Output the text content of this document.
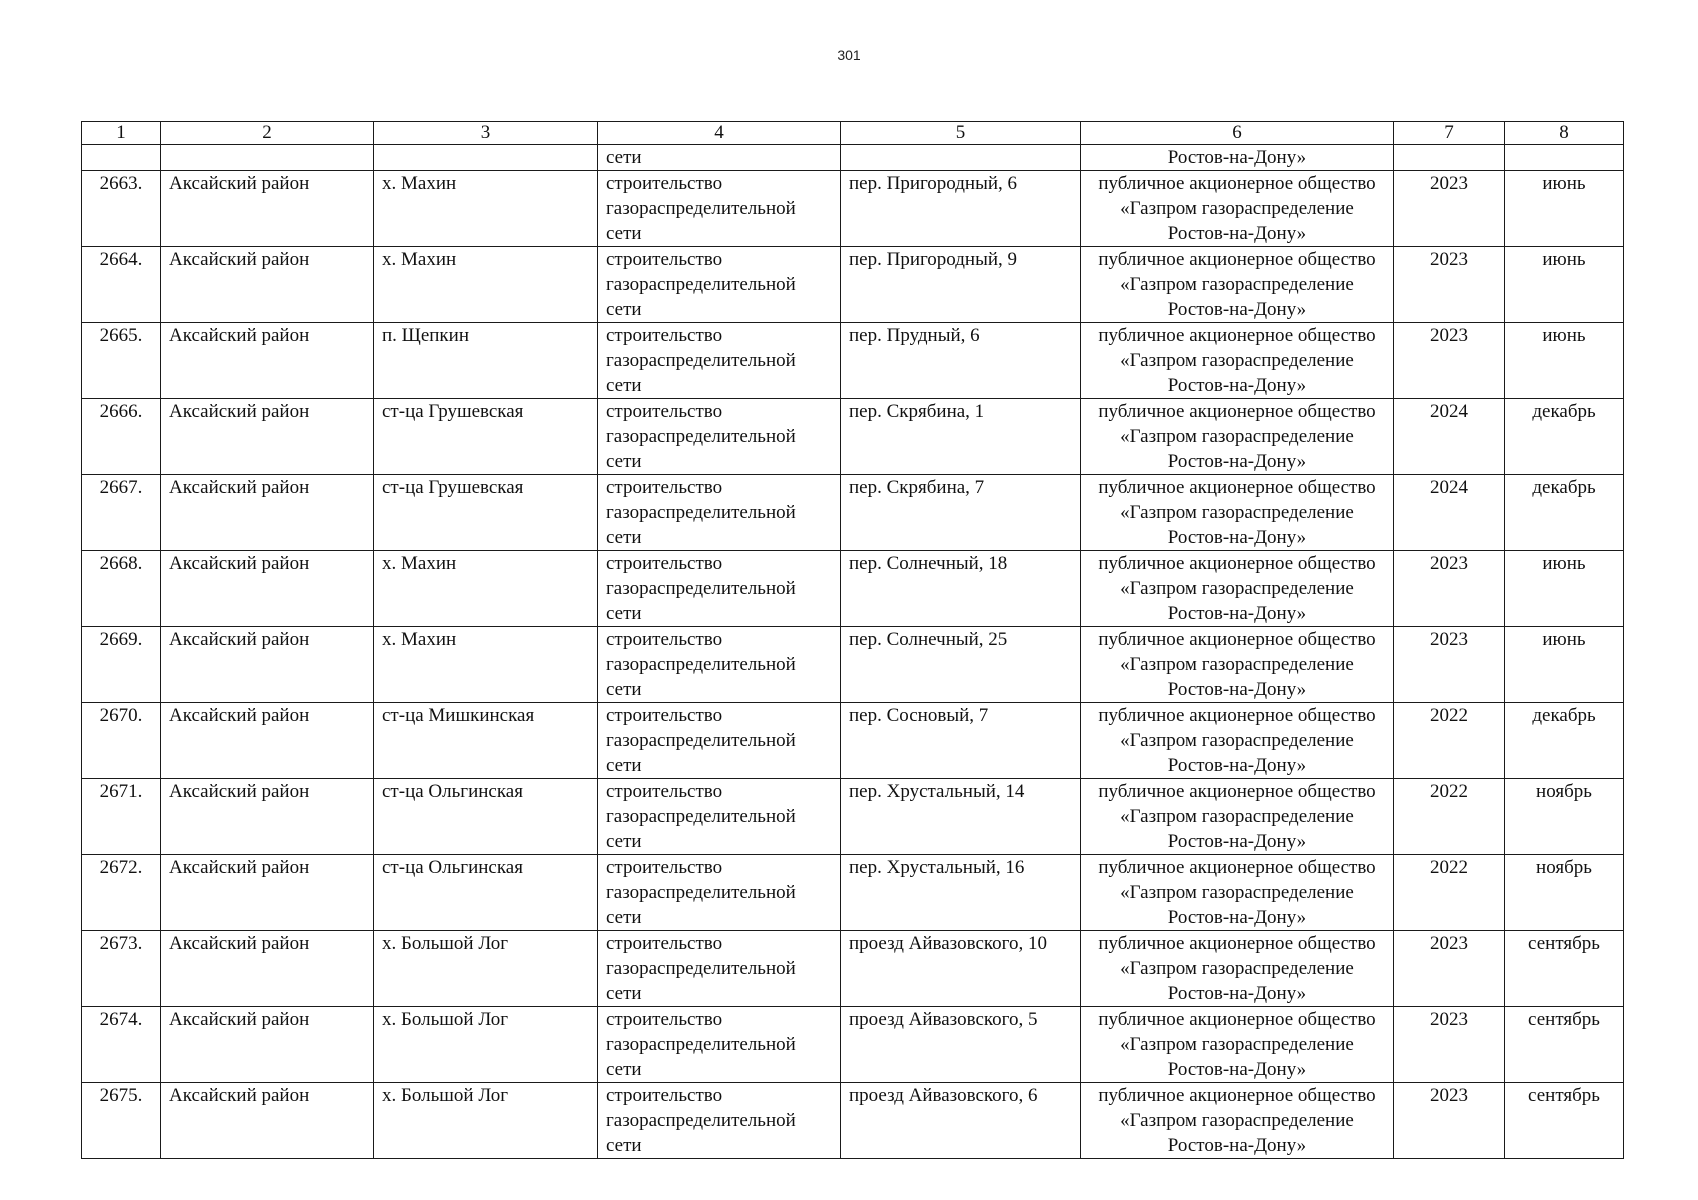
301
1	2	3	4	5	6	7	8
			сети		Ростов-на-Дону»		
2663.	Аксайский район	х. Махин	строительство газораспределительной сети	пер. Пригородный, 6	публичное акционерное общество «Газпром газораспределение Ростов-на-Дону»	2023	июнь
2664.	Аксайский район	х. Махин	строительство газораспределительной сети	пер. Пригородный, 9	публичное акционерное общество «Газпром газораспределение Ростов-на-Дону»	2023	июнь
2665.	Аксайский район	п. Щепкин	строительство газораспределительной сети	пер. Прудный, 6	публичное акционерное общество «Газпром газораспределение Ростов-на-Дону»	2023	июнь
2666.	Аксайский район	ст-ца Грушевская	строительство газораспределительной сети	пер. Скрябина, 1	публичное акционерное общество «Газпром газораспределение Ростов-на-Дону»	2024	декабрь
2667.	Аксайский район	ст-ца Грушевская	строительство газораспределительной сети	пер. Скрябина, 7	публичное акционерное общество «Газпром газораспределение Ростов-на-Дону»	2024	декабрь
2668.	Аксайский район	х. Махин	строительство газораспределительной сети	пер. Солнечный, 18	публичное акционерное общество «Газпром газораспределение Ростов-на-Дону»	2023	июнь
2669.	Аксайский район	х. Махин	строительство газораспределительной сети	пер. Солнечный, 25	публичное акционерное общество «Газпром газораспределение Ростов-на-Дону»	2023	июнь
2670.	Аксайский район	ст-ца Мишкинская	строительство газораспределительной сети	пер. Сосновый, 7	публичное акционерное общество «Газпром газораспределение Ростов-на-Дону»	2022	декабрь
2671.	Аксайский район	ст-ца Ольгинская	строительство газораспределительной сети	пер. Хрустальный, 14	публичное акционерное общество «Газпром газораспределение Ростов-на-Дону»	2022	ноябрь
2672.	Аксайский район	ст-ца Ольгинская	строительство газораспределительной сети	пер. Хрустальный, 16	публичное акционерное общество «Газпром газораспределение Ростов-на-Дону»	2022	ноябрь
2673.	Аксайский район	х. Большой Лог	строительство газораспределительной сети	проезд Айвазовского, 10	публичное акционерное общество «Газпром газораспределение Ростов-на-Дону»	2023	сентябрь
2674.	Аксайский район	х. Большой Лог	строительство газораспределительной сети	проезд Айвазовского, 5	публичное акционерное общество «Газпром газораспределение Ростов-на-Дону»	2023	сентябрь
2675.	Аксайский район	х. Большой Лог	строительство газораспределительной сети	проезд Айвазовского, 6	публичное акционерное общество «Газпром газораспределение Ростов-на-Дону»	2023	сентябрь
